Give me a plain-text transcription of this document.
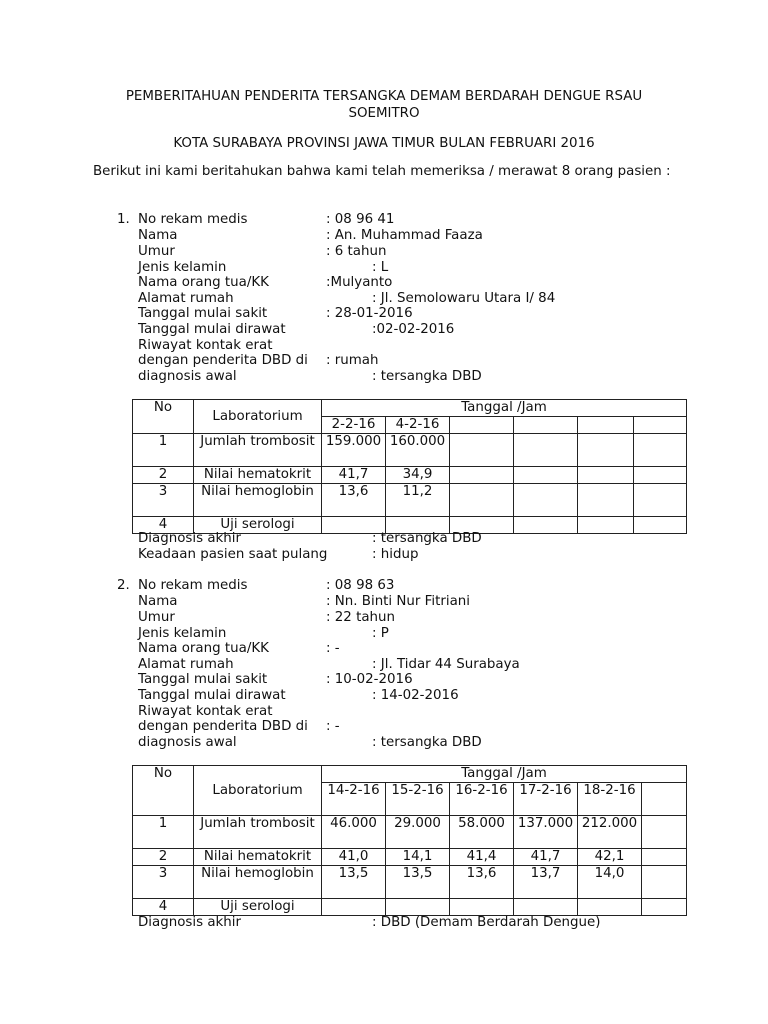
PEMBERITAHUAN PENDERITA TERSANGKA DEMAM BERDARAH DENGUE RSAU
SOEMITRO
KOTA SURABAYA PROVINSI JAWA TIMUR BULAN FEBRUARI 2016
Berikut ini kami beritahukan bahwa kami telah memeriksa / merawat 8 orang pasien :
1. No rekam medis	: 08 96 41
Nama	: An. Muhammad Faaza
Umur	: 6 tahun
Jenis kelamin	: L
Nama orang tua/KK	:Mulyanto
Alamat rumah	: Jl. Semolowaru Utara I/ 84
Tanggal mulai sakit	: 28-01-2016
Tanggal mulai dirawat	:02-02-2016
Riwayat kontak erat
dengan penderita DBD di : rumah
diagnosis awal	: tersangka DBD
No	Laboratorium	Tanggal /Jam					
		2-2-16	4-2-16				
1	Jumlah trombosit	159.000	160.000				
2	Nilai hematokrit	41,7	34,9				
3	Nilai hemoglobin	13,6	11,2				
4	Uji serologi						
Diagnosis akhir	: tersangka DBD
Keadaan pasien saat pulang	: hidup
2. No rekam medis	: 08 98 63
Nama	: Nn. Binti Nur Fitriani
Umur	: 22 tahun
Jenis kelamin	: P
Nama orang tua/KK	: -
Alamat rumah	: Jl. Tidar 44 Surabaya
Tanggal mulai sakit	: 10-02-2016
Tanggal mulai dirawat	: 14-02-2016
Riwayat kontak erat
dengan penderita DBD di : -
diagnosis awal	: tersangka DBD
No	Laboratorium	Tanggal /Jam					
		14-2-16	15-2-16	16-2-16	17-2-16	18-2-16	
1	Jumlah trombosit	46.000	29.000	58.000	137.000	212.000	
2	Nilai hematokrit	41,0	14,1	41,4	41,7	42,1	
3	Nilai hemoglobin	13,5	13,5	13,6	13,7	14,0	
4	Uji serologi						
Diagnosis akhir	: DBD (Demam Berdarah Dengue)
